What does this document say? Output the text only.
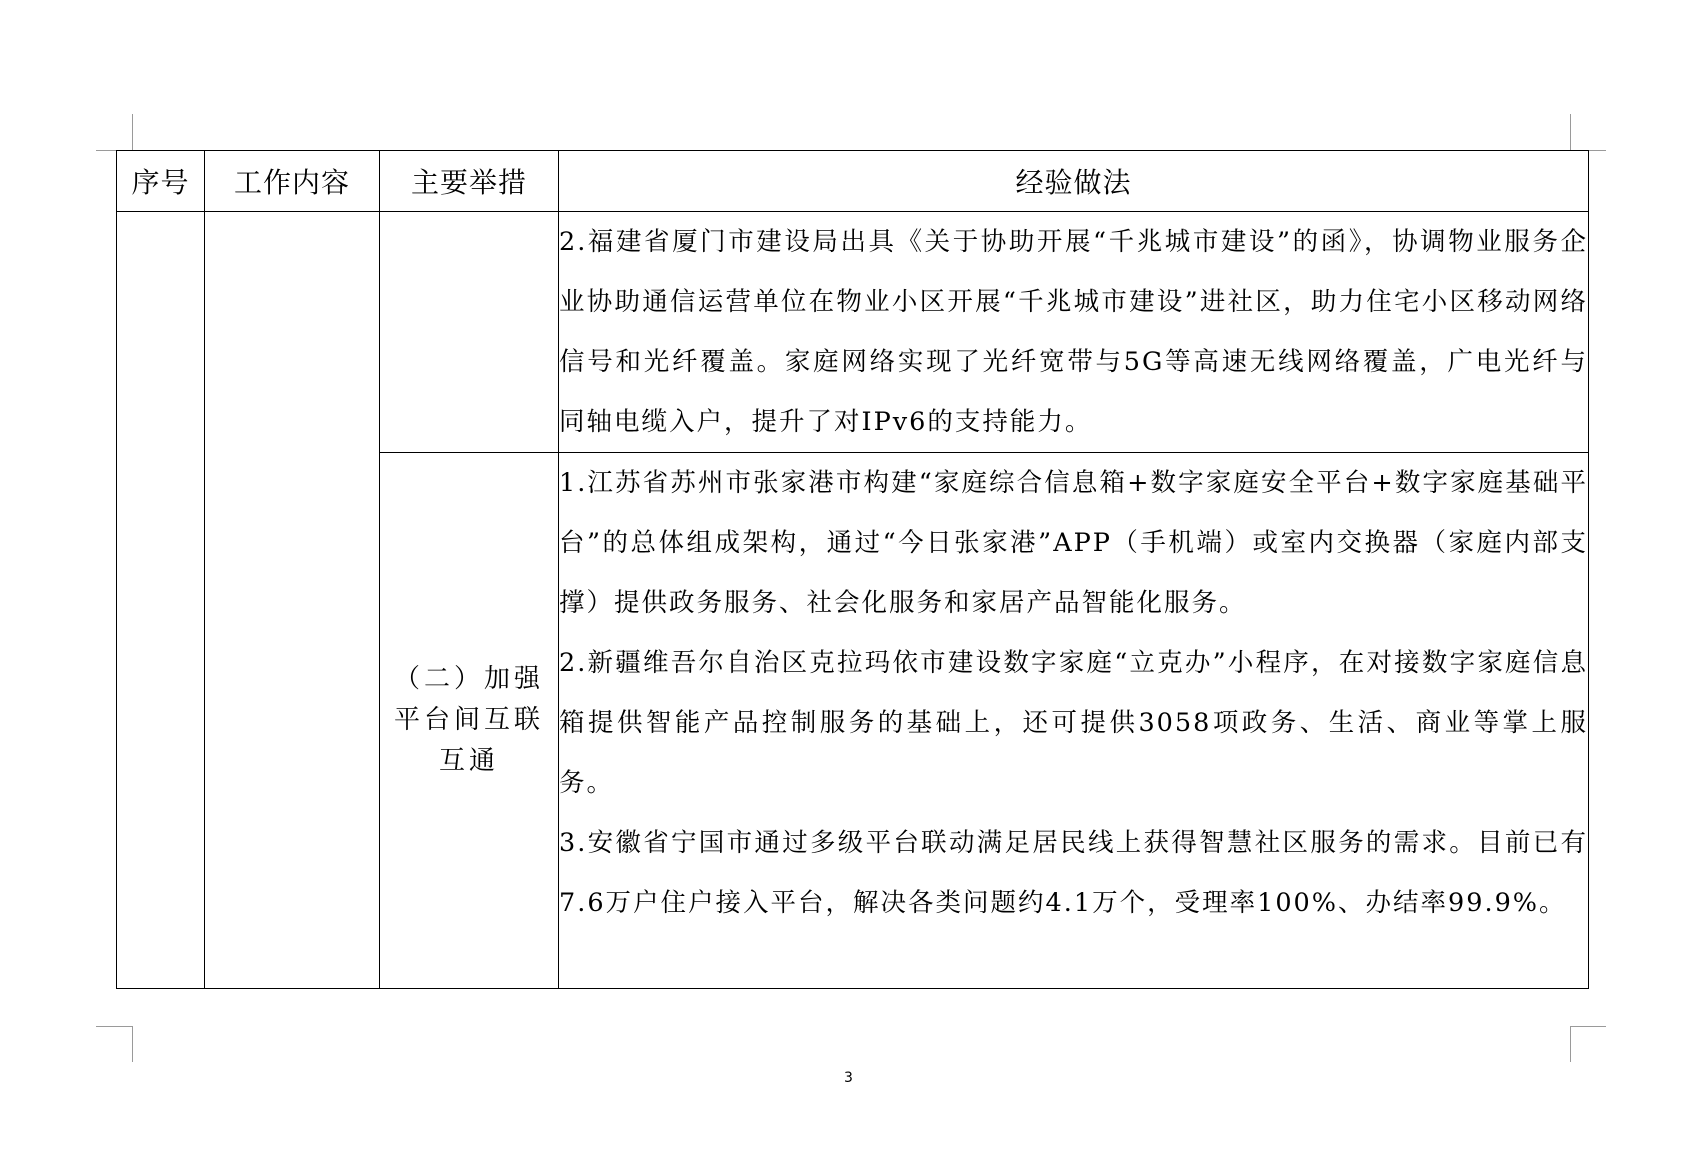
序号	工作内容	主要举措	经验做法

			2.福建省厦门市建设局出具《关于协助开展“千兆城市建设”的函》，协调物业服务企业协助通信运营单位在物业小区开展“千兆城市建设”进社区，助力住宅小区移动网络信号和光纤覆盖。家庭网络实现了光纤宽带与5G等高速无线网络覆盖，广电光纤与同轴电缆入户，提升了对IPv6的支持能力。

		（二）加强平台间互联互通	1.江苏省苏州市张家港市构建“家庭综合信息箱+数字家庭安全平台+数字家庭基础平台”的总体组成架构，通过“今日张家港”APP（手机端）或室内交换器（家庭内部支撑）提供政务服务、社会化服务和家居产品智能化服务。
2.新疆维吾尔自治区克拉玛依市建设数字家庭“立克办”小程序，在对接数字家庭信息箱提供智能产品控制服务的基础上，还可提供3058项政务、生活、商业等掌上服务。
3.安徽省宁国市通过多级平台联动满足居民线上获得智慧社区服务的需求。目前已有7.6万户住户接入平台，解决各类问题约4.1万个，受理率100%、办结率99.9%。
3
